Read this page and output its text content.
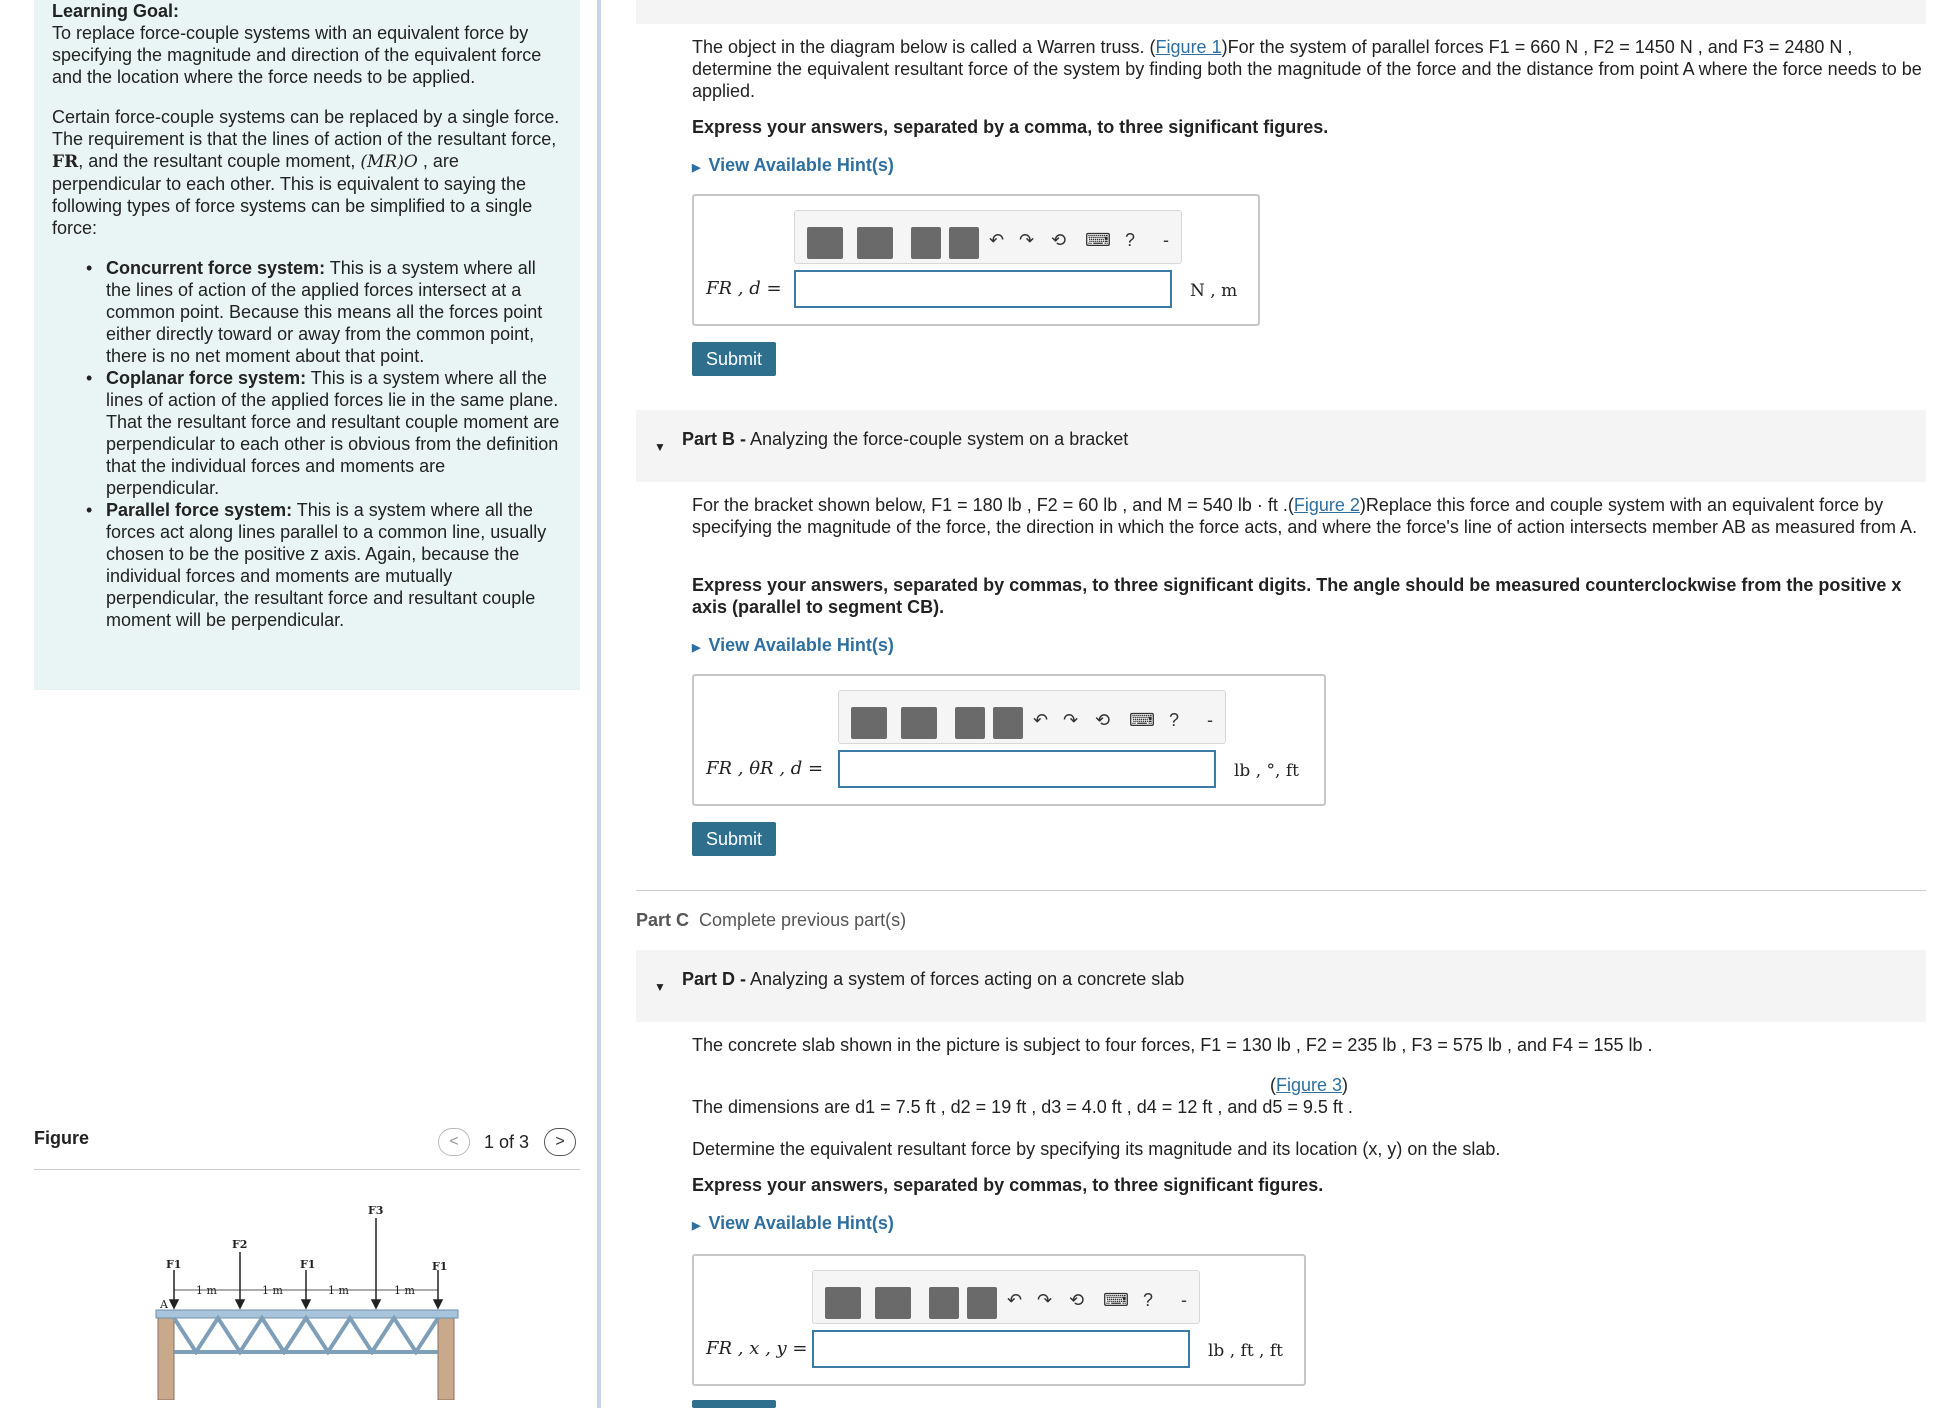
Learning Goal:

To replace force-couple systems with an equivalent force by specifying the magnitude and direction of the equivalent force and the location where the force needs to be applied.

Certain force-couple systems can be replaced by a single force. The requirement is that the lines of action of the resultant force, FR, and the resultant couple moment, (MR)O , are perpendicular to each other. This is equivalent to saying the following types of force systems can be simplified to a single force:

• Concurrent force system: This is a system where all the lines of action of the applied forces intersect at a common point. Because this means all the forces point either directly toward or away from the common point, there is no net moment about that point.
• Coplanar force system: This is a system where all the lines of action of the applied forces lie in the same plane. That the resultant force and resultant couple moment are perpendicular to each other is obvious from the definition that the individual forces and moments are perpendicular.
• Parallel force system: This is a system where all the forces act along lines parallel to a common line, usually chosen to be the positive z axis. Again, because the individual forces and moments are mutually perpendicular, the resultant force and resultant couple moment will be perpendicular.
Figure	<	1 of 3	>
F1
F2
F1
F3
F1
A
1 m	1 m	1 m	1 m
The object in the diagram below is called a Warren truss. (Figure 1)For the system of parallel forces F1 = 660 N , F2 = 1450 N , and F3 = 2480 N , determine the equivalent resultant force of the system by finding both the magnitude of the force and the distance from point A where the force needs to be applied.
Express your answers, separated by a comma, to three significant figures.
▶ View Available Hint(s)
↶ ↷ ⟲ ⌨ ? -
FR , d =	N , m
Submit
▼ Part B - Analyzing the force-couple system on a bracket
For the bracket shown below, F1 = 180 lb , F2 = 60 lb , and M = 540 lb · ft .(Figure 2)Replace this force and couple system with an equivalent force by specifying the magnitude of the force, the direction in which the force acts, and where the force's line of action intersects member AB as measured from A.
Express your answers, separated by commas, to three significant digits. The angle should be measured counterclockwise from the positive x axis (parallel to segment CB).
▶ View Available Hint(s)
↶ ↷ ⟲ ⌨ ? -
FR , θR , d =	lb , °, ft
Submit
Part C Complete previous part(s)
▼ Part D - Analyzing a system of forces acting on a concrete slab
The concrete slab shown in the picture is subject to four forces, F1 = 130 lb , F2 = 235 lb , F3 = 575 lb , and F4 = 155 lb .
(Figure 3)
The dimensions are d1 = 7.5 ft , d2 = 19 ft , d3 = 4.0 ft , d4 = 12 ft , and d5 = 9.5 ft .
Determine the equivalent resultant force by specifying its magnitude and its location (x, y) on the slab.
Express your answers, separated by commas, to three significant figures.
▶ View Available Hint(s)
↶ ↷ ⟲ ⌨ ? -
FR , x , y =	lb , ft , ft
